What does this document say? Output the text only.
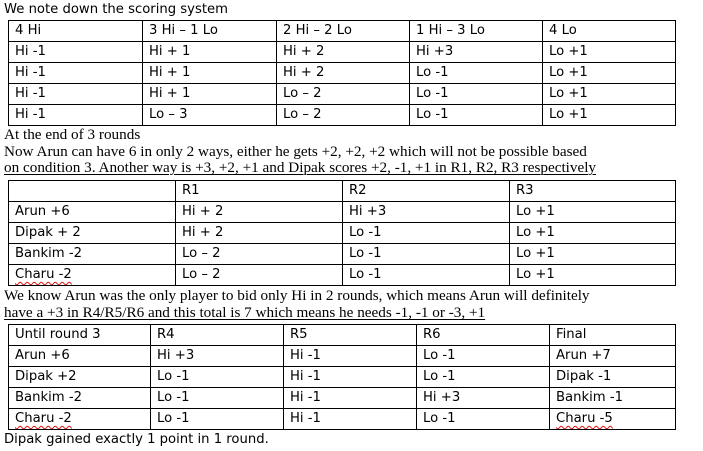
We note down the scoring system
4 Hi	3 Hi – 1 Lo	2 Hi – 2 Lo	1 Hi – 3 Lo	4 Lo
Hi -1	Hi + 1	Hi + 2	Hi +3	Lo +1
Hi -1	Hi + 1	Hi + 2	Lo -1	Lo +1
Hi -1	Hi + 1	Lo – 2	Lo -1	Lo +1
Hi -1	Lo – 3	Lo – 2	Lo -1	Lo +1
At the end of 3 rounds
Now Arun can have 6 in only 2 ways, either he gets +2, +2, +2 which will not be possible based
on condition 3. Another way is +3, +2, +1 and Dipak scores +2, -1, +1 in R1, R2, R3 respectively
	R1	R2	R3
Arun +6	Hi + 2	Hi +3	Lo +1
Dipak + 2	Hi + 2	Lo -1	Lo +1
Bankim -2	Lo – 2	Lo -1	Lo +1
Charu -2	Lo – 2	Lo -1	Lo +1
We know Arun was the only player to bid only Hi in 2 rounds, which means Arun will definitely
have a +3 in R4/R5/R6 and this total is 7 which means he needs -1, -1 or -3, +1
Until round 3	R4	R5	R6	Final
Arun +6	Hi +3	Hi -1	Lo -1	Arun +7
Dipak +2	Lo -1	Hi -1	Lo -1	Dipak -1
Bankim -2	Lo -1	Hi -1	Hi +3	Bankim -1
Charu -2	Lo -1	Hi -1	Lo -1	Charu -5
Dipak gained exactly 1 point in 1 round.
